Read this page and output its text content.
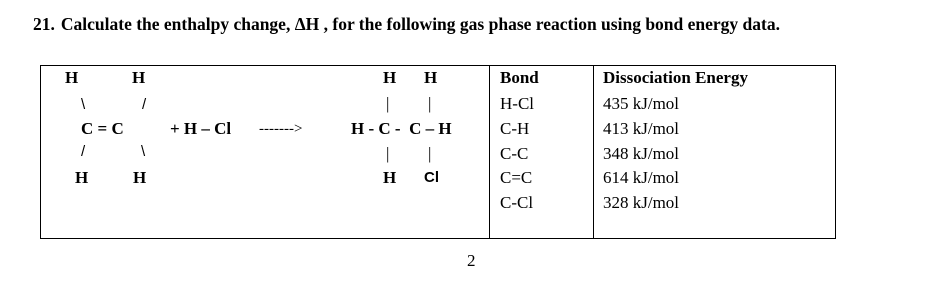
21. Calculate the enthalpy change, ΔH , for the following gas phase reaction using bond energy data.
H	H
\	/
C = C
/	\
H	H
+ H – Cl ------->
H H
| |
H - C -  C – H
| |
H Cl
Bond	Dissociation Energy
H-Cl	435 kJ/mol
C-H	413 kJ/mol
C-C	348 kJ/mol
C=C	614 kJ/mol
C-Cl	328 kJ/mol
2
